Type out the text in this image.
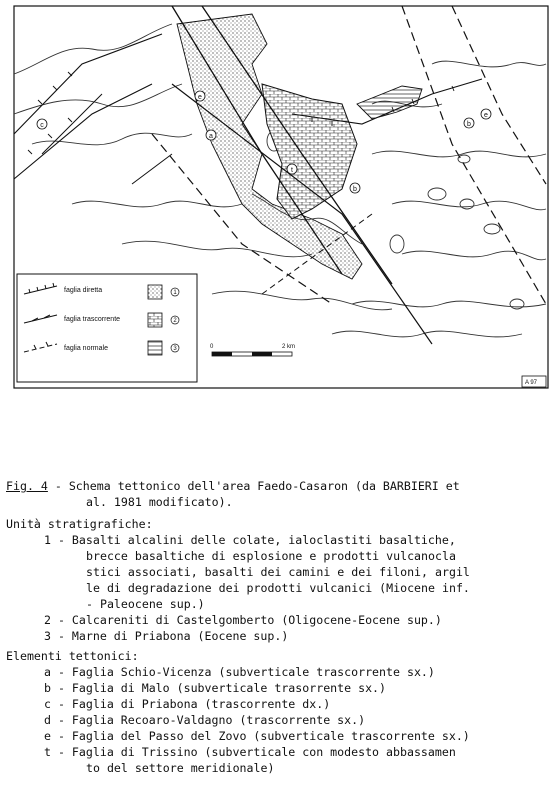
c
a
b
b
e
t
e
faglia diretta
faglia trascorrente
faglia normale
1
2
3	0	2 km
A 97
Fig. 4 - Schema tettonico dell'area Faedo-Casaron (da BARBIERI et
al. 1981 modificato).
Unità stratigrafiche:
1 - Basalti alcalini delle colate, ialoclastiti basaltiche,
brecce basaltiche di esplosione e prodotti vulcanocla
stici associati, basalti dei camini e dei filoni, argil
le di degradazione dei prodotti vulcanici (Miocene inf.
- Paleocene sup.)
2 - Calcareniti di Castelgomberto (Oligocene-Eocene sup.)
3 - Marne di Priabona (Eocene sup.)
Elementi tettonici:
a - Faglia Schio-Vicenza (subverticale trascorrente sx.)
b - Faglia di Malo (subverticale trasorrente sx.)
c - Faglia di Priabona (trascorrente dx.)
d - Faglia Recoaro-Valdagno (trascorrente sx.)
e - Faglia del Passo del Zovo (subverticale trascorrente sx.)
t - Faglia di Trissino (subverticale con modesto abbassamen
to del settore meridionale)
